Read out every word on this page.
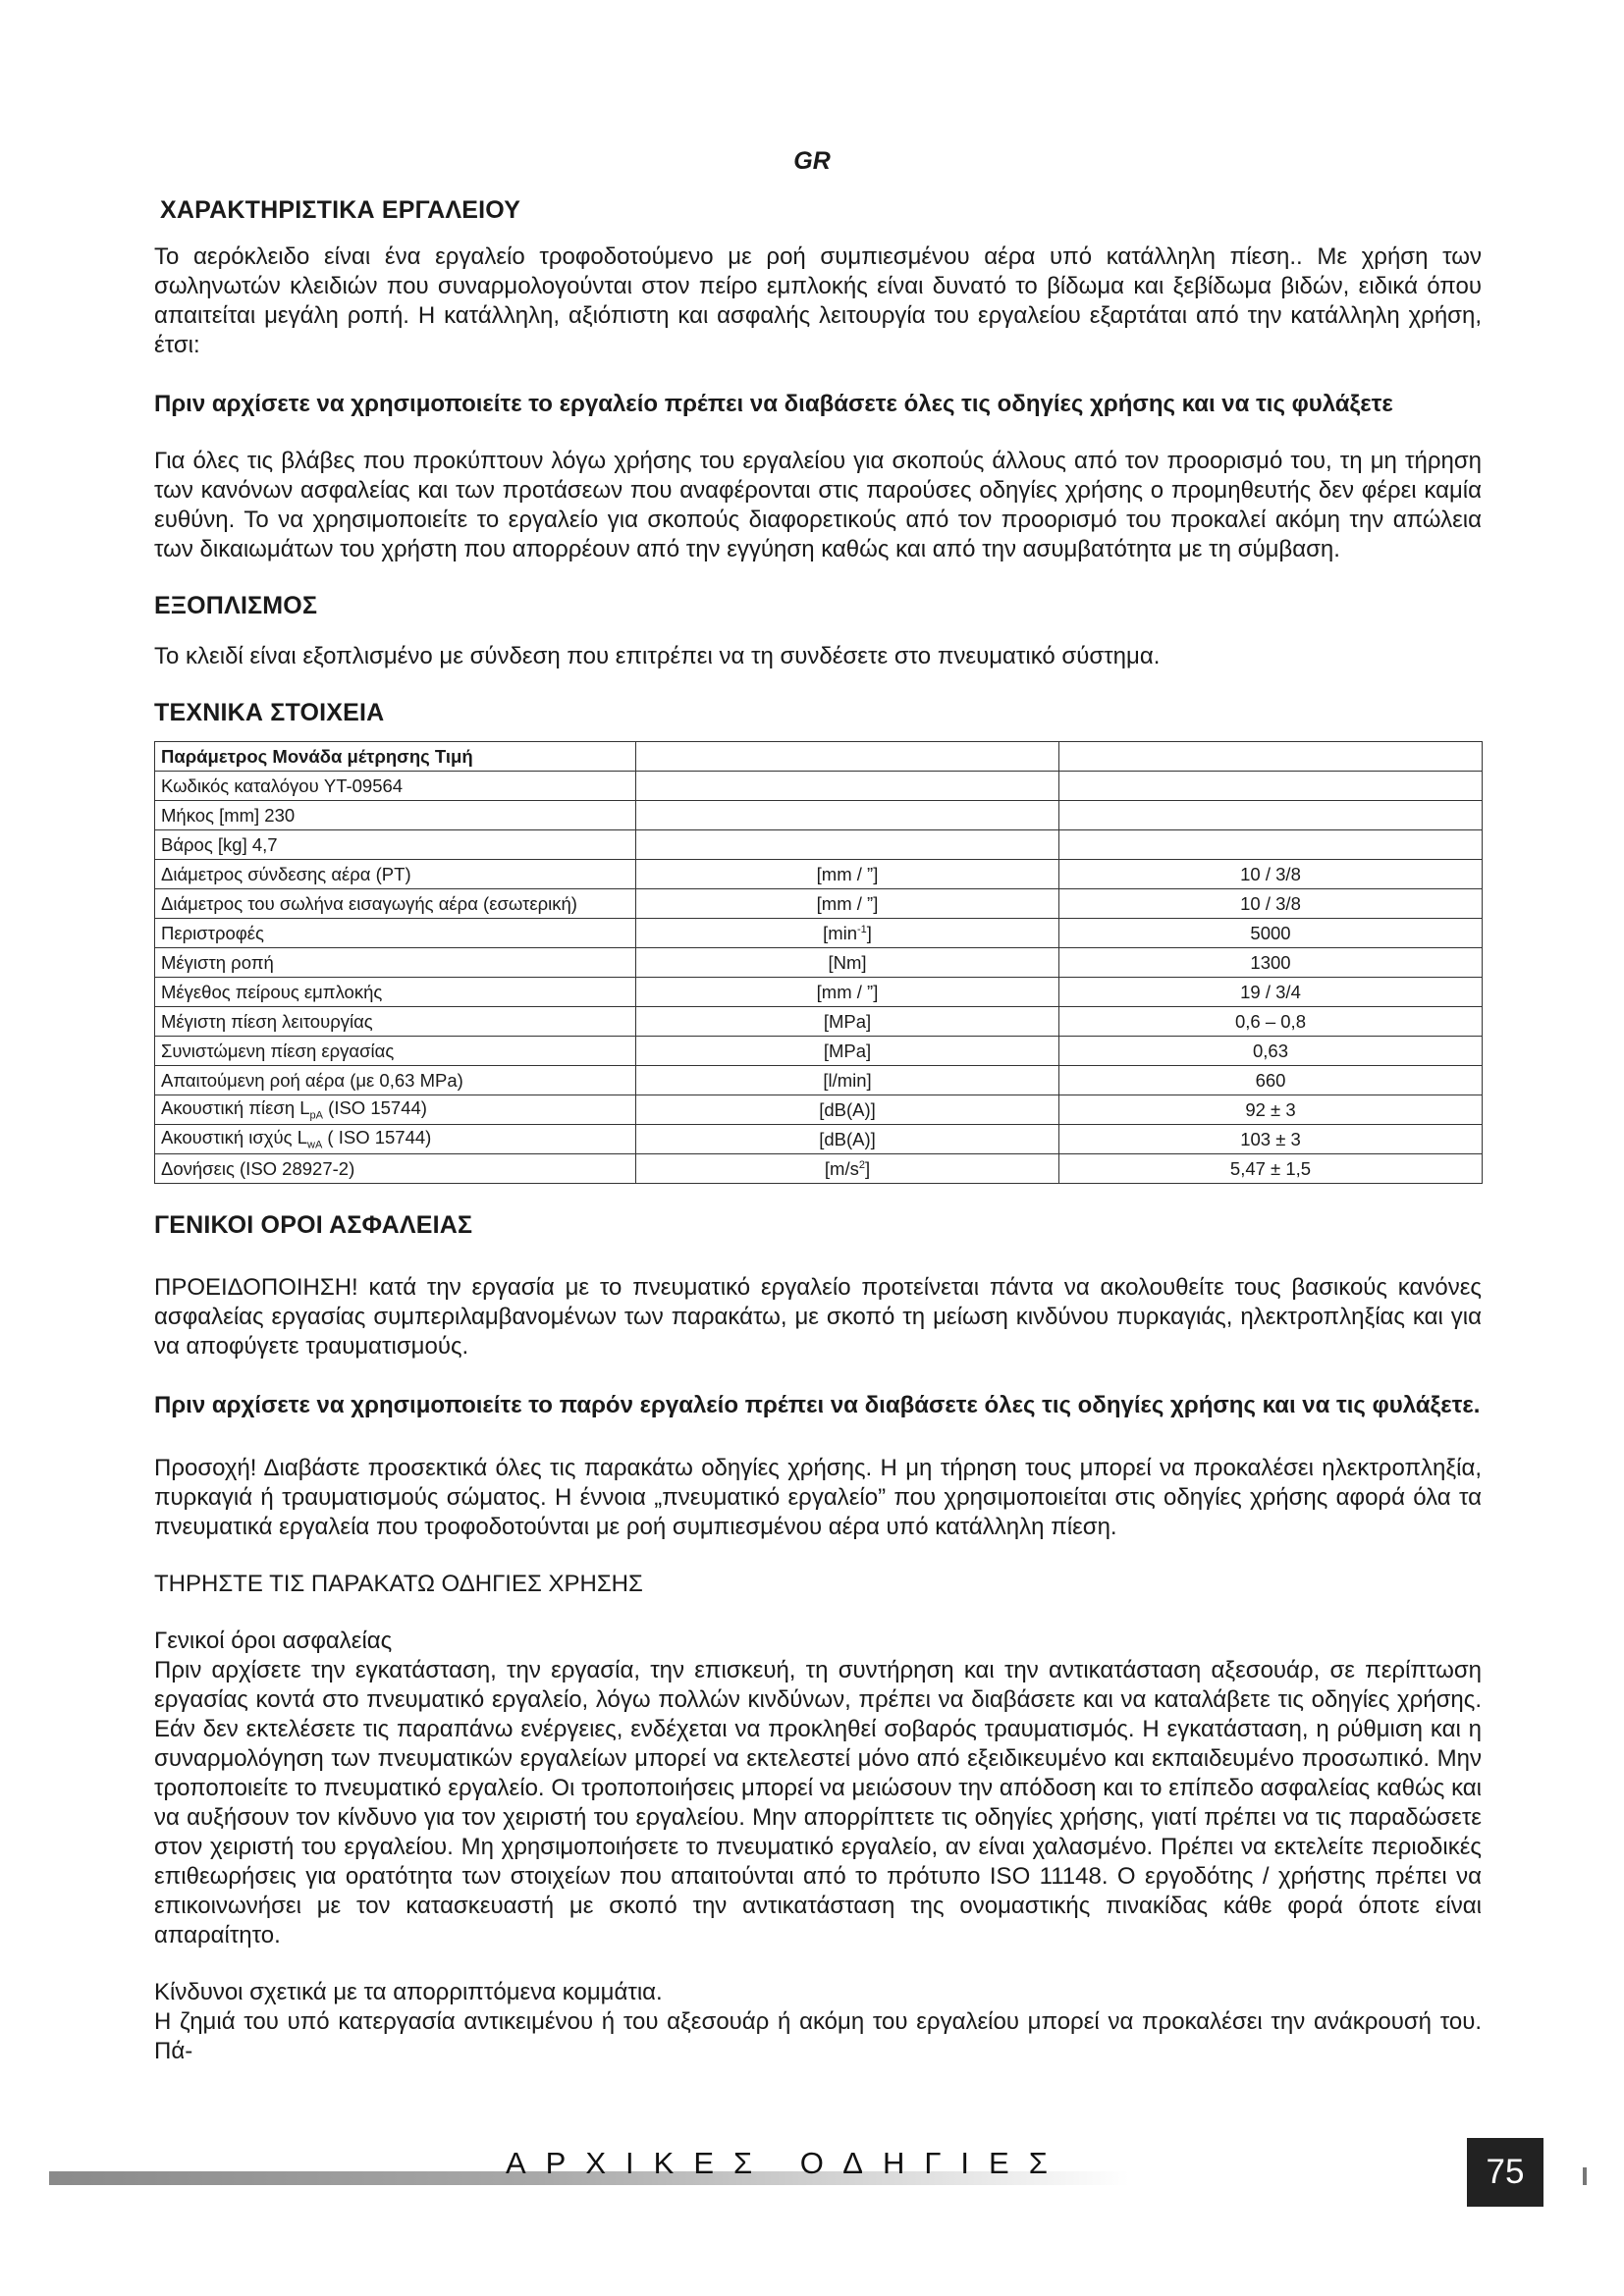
GR
ΧΑΡΑΚΤΗΡΙΣΤΙΚΑ ΕΡΓΑΛΕΙΟΥ

Το αερόκλειδο είναι ένα εργαλείο τροφοδοτούμενο με ροή συμπιεσμένου αέρα υπό κατάλληλη πίεση.. Με χρήση των σωληνωτών κλειδιών που συναρμολογούνται στον πείρο εμπλοκής είναι δυνατό το βίδωμα και ξεβίδωμα βιδών, ειδικά όπου απαιτείται μεγάλη ροπή. Η κατάλληλη, αξιόπιστη και ασφαλής λειτουργία του εργαλείου εξαρτάται από την κατάλληλη χρήση, έτσι:

Πριν αρχίσετε να χρησιμοποιείτε το εργαλείο πρέπει να διαβάσετε όλες τις οδηγίες χρήσης και να τις φυλάξετε

Για όλες τις βλάβες που προκύπτουν λόγω χρήσης του εργαλείου για σκοπούς άλλους από τον προορισμό του, τη μη τήρηση των κανόνων ασφαλείας και των προτάσεων που αναφέρονται στις παρούσες οδηγίες χρήσης ο προμηθευτής δεν φέρει καμία ευθύνη. Το να χρησιμοποιείτε το εργαλείο για σκοπούς διαφορετικούς από τον προορισμό του προκαλεί ακόμη την απώλεια των δικαιωμάτων του χρήστη που απορρέουν από την εγγύηση καθώς και από την ασυμβατότητα με τη σύμβαση.

ΕΞΟΠΛΙΣΜΟΣ

Το κλειδί είναι εξοπλισμένο με σύνδεση που επιτρέπει να τη συνδέσετε στο πνευματικό σύστημα.

ΤΕΧΝΙΚΑ ΣΤΟΙΧΕΙΑ
Παράμετρος Μονάδα μέτρησης Τιμή		
Κωδικός καταλόγου YT-09564		
Μήκος [mm] 230		
Βάρος [kg] 4,7		
Διάμετρος σύνδεσης αέρα (PT)	[mm / ”]	10 / 3/8
Διάμετρος του σωλήνα εισαγωγής αέρα (εσωτερική)	[mm / ”]	10 / 3/8
Περιστροφές	$[\min^{-1}]$	5000
Μέγιστη ροπή	[Nm]	1300
Μέγεθος πείρους εμπλοκής	[mm / ”]	19 / 3/4
Μέγιστη πίεση λειτουργίας	[MPa]	0,6 – 0,8
Συνιστώμενη πίεση εργασίας	[MPa]	0,63
Απαιτούμενη ροή αέρα (με 0,63 MPa)	[l/min]	660
Ακουστική πίεση $L_{pA}$ (ISO 15744)	[dB(A)]	92 ± 3
Ακουστική ισχύς $L_{wA}$ ( ISO 15744)	[dB(A)]	103 ± 3
Δονήσεις (ISO 28927-2)	$[m/s^2]$	5,47 ± 1,5
ΓΕΝΙΚΟΙ ΟΡΟΙ ΑΣΦΑΛΕΙΑΣ

ΠΡΟΕΙΔΟΠΟΙΗΣΗ! κατά την εργασία με το πνευματικό εργαλείο προτείνεται πάντα να ακολουθείτε τους βασικούς κανόνες ασφαλείας εργασίας συμπεριλαμβανομένων των παρακάτω, με σκοπό τη μείωση κινδύνου πυρκαγιάς, ηλεκτροπληξίας και για να αποφύγετε τραυματισμούς.

Πριν αρχίσετε να χρησιμοποιείτε το παρόν εργαλείο πρέπει να διαβάσετε όλες τις οδηγίες χρήσης και να τις φυλάξετε.

Προσοχή! Διαβάστε προσεκτικά όλες τις παρακάτω οδηγίες χρήσης. Η μη τήρηση τους μπορεί να προκαλέσει ηλεκτροπληξία, πυρκαγιά ή τραυματισμούς σώματος. Η έννοια „πνευματικό εργαλείο” που χρησιμοποιείται στις οδηγίες χρήσης αφορά όλα τα πνευματικά εργαλεία που τροφοδοτούνται με ροή συμπιεσμένου αέρα υπό κατάλληλη πίεση.

ΤΗΡΗΣΤΕ ΤΙΣ ΠΑΡΑΚΑΤΩ ΟΔΗΓΙΕΣ ΧΡΗΣΗΣ

Γενικοί όροι ασφαλείας

Πριν αρχίσετε την εγκατάσταση, την εργασία, την επισκευή, τη συντήρηση και την αντικατάσταση αξεσουάρ, σε περίπτωση εργασίας κοντά στο πνευματικό εργαλείο, λόγω πολλών κινδύνων, πρέπει να διαβάσετε και να καταλάβετε τις οδηγίες χρήσης. Εάν δεν εκτελέσετε τις παραπάνω ενέργειες, ενδέχεται να προκληθεί σοβαρός τραυματισμός. Η εγκατάσταση, η ρύθμιση και η συναρμολόγηση των πνευματικών εργαλείων μπορεί να εκτελεστεί μόνο από εξειδικευμένο και εκπαιδευμένο προσωπικό. Μην τροποποιείτε το πνευματικό εργαλείο. Οι τροποποιήσεις μπορεί να μειώσουν την απόδοση και το επίπεδο ασφαλείας καθώς και να αυξήσουν τον κίνδυνο για τον χειριστή του εργαλείου. Μην απορρίπτετε τις οδηγίες χρήσης, γιατί πρέπει να τις παραδώσετε στον χειριστή του εργαλείου. Μη χρησιμοποιήσετε το πνευματικό εργαλείο, αν είναι χαλασμένο. Πρέπει να εκτελείτε περιοδικές επιθεωρήσεις για ορατότητα των στοιχείων που απαιτούνται από το πρότυπο ISO 11148. Ο εργοδότης / χρήστης πρέπει να επικοινωνήσει με τον κατασκευαστή με σκοπό την αντικατάσταση της ονομαστικής πινακίδας κάθε φορά όποτε είναι απαραίτητο.

Κίνδυνοι σχετικά με τα απορριπτόμενα κομμάτια.

Η ζημιά του υπό κατεργασία αντικειμένου ή του αξεσουάρ ή ακόμη του εργαλείου μπορεί να προκαλέσει την ανάκρουσή του. Πά-

ΑΡΧΙΚΕΣ ΟΔΗΓΙΕΣ	75
